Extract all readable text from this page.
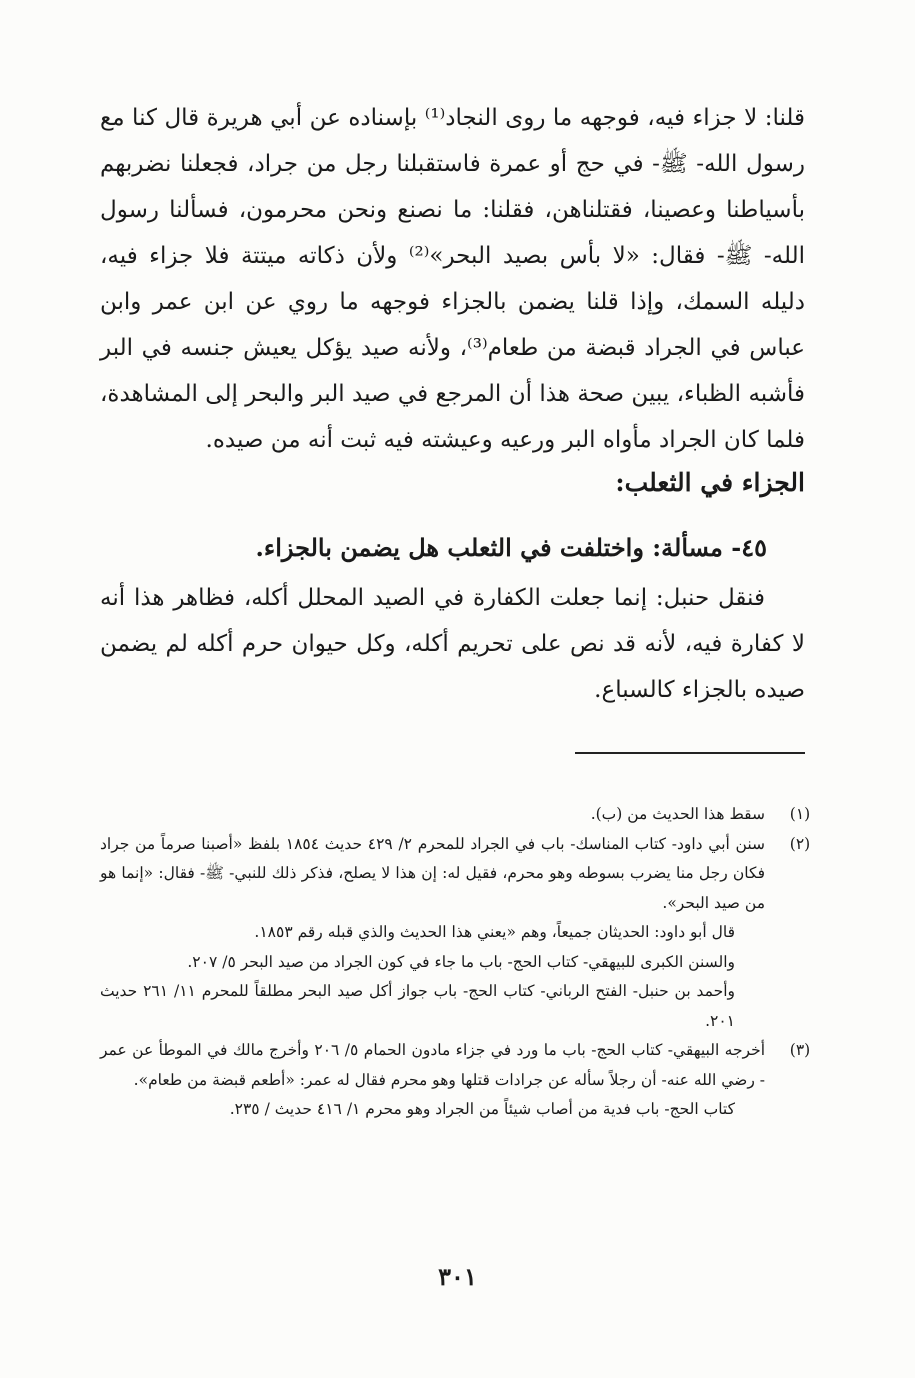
قلنا: لا جزاء فيه، فوجهه ما روى النجاد⁽¹⁾ بإسناده عن أبي هريرة قال كنا مع رسول الله- ﷺ- في حج أو عمرة فاستقبلنا رجل من جراد، فجعلنا نضربهم بأسياطنا وعصينا، فقتلناهن، فقلنا: ما نصنع ونحن محرمون، فسألنا رسول الله- ﷺ- فقال: «لا بأس بصيد البحر»⁽²⁾ ولأن ذكاته ميتتة فلا جزاء فيه، دليله السمك، وإذا قلنا يضمن بالجزاء فوجهه ما روي عن ابن عمر وابن عباس في الجراد قبضة من طعام⁽³⁾، ولأنه صيد يؤكل يعيش جنسه في البر فأشبه الظباء، يبين صحة هذا أن المرجع في صيد البر والبحر إلى المشاهدة، فلما كان الجراد مأواه البر ورعيه وعيشته فيه ثبت أنه من صيده.

الجزاء في الثعلب:
٤٥- مسألة: واختلفت في الثعلب هل يضمن بالجزاء.

فنقل حنبل: إنما جعلت الكفارة في الصيد المحلل أكله، فظاهر هذا أنه لا كفارة فيه، لأنه قد نص على تحريم أكله، وكل حيوان حرم أكله لم يضمن صيده بالجزاء كالسباع.

(١)
سقط هذا الحديث من (ب).
(٢)
سنن أبي داود- كتاب المناسك- باب في الجراد للمحرم ٢/ ٤٢٩ حديث ١٨٥٤ بلفظ «أصبنا صرماً من جراد فكان رجل منا يضرب بسوطه وهو محرم، فقيل له: إن هذا لا يصلح، فذكر ذلك للنبي- ﷺ- فقال: «إنما هو من صيد البحر».
قال أبو داود: الحديثان جميعاً، وهم «يعني هذا الحديث والذي قبله رقم ١٨٥٣.
والسنن الكبرى للبيهقي- كتاب الحج- باب ما جاء في كون الجراد من صيد البحر ٥/ ٢٠٧.
وأحمد بن حنبل- الفتح الرباني- كتاب الحج- باب جواز أكل صيد البحر مطلقاً للمحرم ١١/ ٢٦١ حديث ٢٠١.
(٣)
أخرجه البيهقي- كتاب الحج- باب ما ورد في جزاء مادون الحمام ٥/ ٢٠٦ وأخرج مالك في الموطأ عن عمر - رضي الله عنه- أن رجلاً سأله عن جرادات قتلها وهو محرم فقال له عمر: «أطعم قبضة من طعام».
كتاب الحج- باب فدية من أصاب شيئاً من الجراد وهو محرم ١/ ٤١٦ حديث / ٢٣٥.
٣٠١
